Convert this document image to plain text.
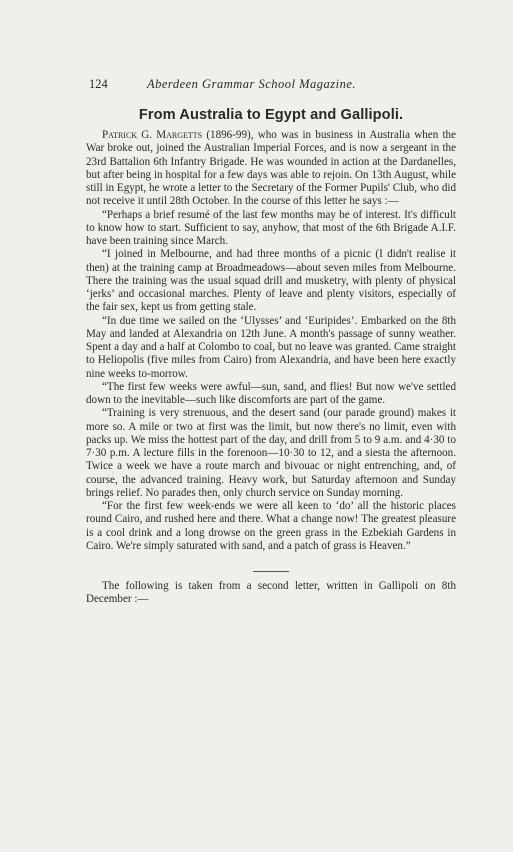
124	Aberdeen Grammar School Magazine.
From Australia to Egypt and Gallipoli.

Patrick G. Margetts (1896-99), who was in business in Australia when the War broke out, joined the Australian Imperial Forces, and is now a sergeant in the 23rd Battalion 6th Infantry Brigade. He was wounded in action at the Dardanelles, but after being in hospital for a few days was able to rejoin. On 13th August, while still in Egypt, he wrote a letter to the Secretary of the Former Pupils' Club, who did not receive it until 28th October. In the course of this letter he says :—

“Perhaps a brief resumé of the last few months may be of interest. It's difficult to know how to start. Sufficient to say, anyhow, that most of the 6th Brigade A.I.F. have been training since March.

“I joined in Melbourne, and had three months of a picnic (I didn't realise it then) at the training camp at Broadmeadows—about seven miles from Melbourne. There the training was the usual squad drill and musketry, with plenty of physical ‘jerks’ and occasional marches. Plenty of leave and plenty visitors, especially of the fair sex, kept us from getting stale.

“In due time we sailed on the ‘Ulysses’ and ‘Euripides’. Embarked on the 8th May and landed at Alexandria on 12th June. A month's passage of sunny weather. Spent a day and a half at Colombo to coal, but no leave was granted. Came straight to Heliopolis (five miles from Cairo) from Alexandria, and have been here exactly nine weeks to-morrow.

“The first few weeks were awful—sun, sand, and flies! But now we've settled down to the inevitable—such like discomforts are part of the game.

“Training is very strenuous, and the desert sand (our parade ground) makes it more so. A mile or two at first was the limit, but now there's no limit, even with packs up. We miss the hottest part of the day, and drill from 5 to 9 a.m. and 4·30 to 7·30 p.m. A lecture fills in the forenoon—10·30 to 12, and a siesta the afternoon. Twice a week we have a route march and bivouac or night entrenching, and, of course, the advanced training. Heavy work, but Saturday afternoon and Sunday brings relief. No parades then, only church service on Sunday morning.

“For the first few week-ends we were all keen to ‘do’ all the historic places round Cairo, and rushed here and there. What a change now! The greatest pleasure is a cool drink and a long drowse on the green grass in the Ezbekiah Gardens in Cairo. We're simply saturated with sand, and a patch of grass is Heaven.”

The following is taken from a second letter, written in Gallipoli on 8th December :—
